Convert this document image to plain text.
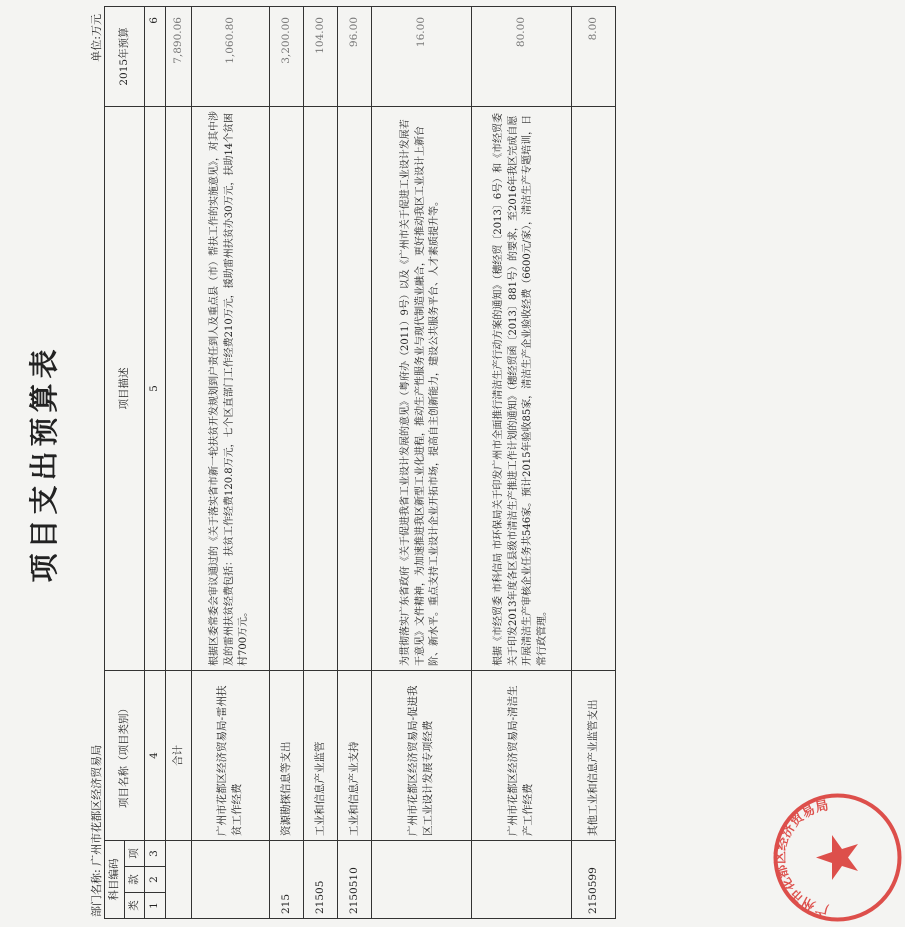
项目支出预算表
部门名称: 广州市花都区经济贸易局
单位:万元
科目编码			项目名称（项目类别）	项目描述	2015年预算
类	款	项			
1	2	3	4	5	6
			合计		7,890.06
			广州市花都区经济贸易局-雷州扶贫工作经费	根据区委常委会审议通过的《关于落实省市新一轮扶贫开发规划到户责任到人及重点县（市）帮扶工作的实施意见》，对其中涉及的雷州扶贫经费包括：扶贫工作经费120.8万元，七个区直部门工作经费210万元，援助雷州扶贫办30万元，扶助14个贫困村700万元。	1,060.80
215			资源勘探信息等支出		3,200.00
21505			工业和信息产业监管		104.00
2150510			工业和信息产业支持		96.00
			广州市花都区经济贸易局-促进我区工业设计发展专项经费	为贯彻落实广东省政府《关于促进我省工业设计发展的意见》（粤府办（2011）9号）以及《广州市关于促进工业设计发展若干意见》文件精神，为加速推进我区新型工业化进程，推动生产性服务业与现代制造业融合，更好推动我区工业设计上新台阶、新水平。重点支持工业设计企业开拓市场，提高自主创新能力，建设公共服务平台、人才素质提升等。	16.00
			广州市花都区经济贸易局-清洁生产工作经费	根据《市经贸委 市科信局 市环保局关于印发广州市全面推行清洁生产行动方案的通知》（穗经贸〔2013〕6号）和《市经贸委关于印发2013年度各区县级市清洁生产推进工作计划的通知》（穗经贸函〔2013〕881号）的要求，至2016年我区完成自愿开展清洁生产审核企业任务共546家。预计2015年验收85家，清洁生产企业验收经费（6600元/家），清洁生产专题培训，日常行政管理。	80.00
2150599			其他工业和信息产业监管支出		8.00
广州市花都区经济贸易局
